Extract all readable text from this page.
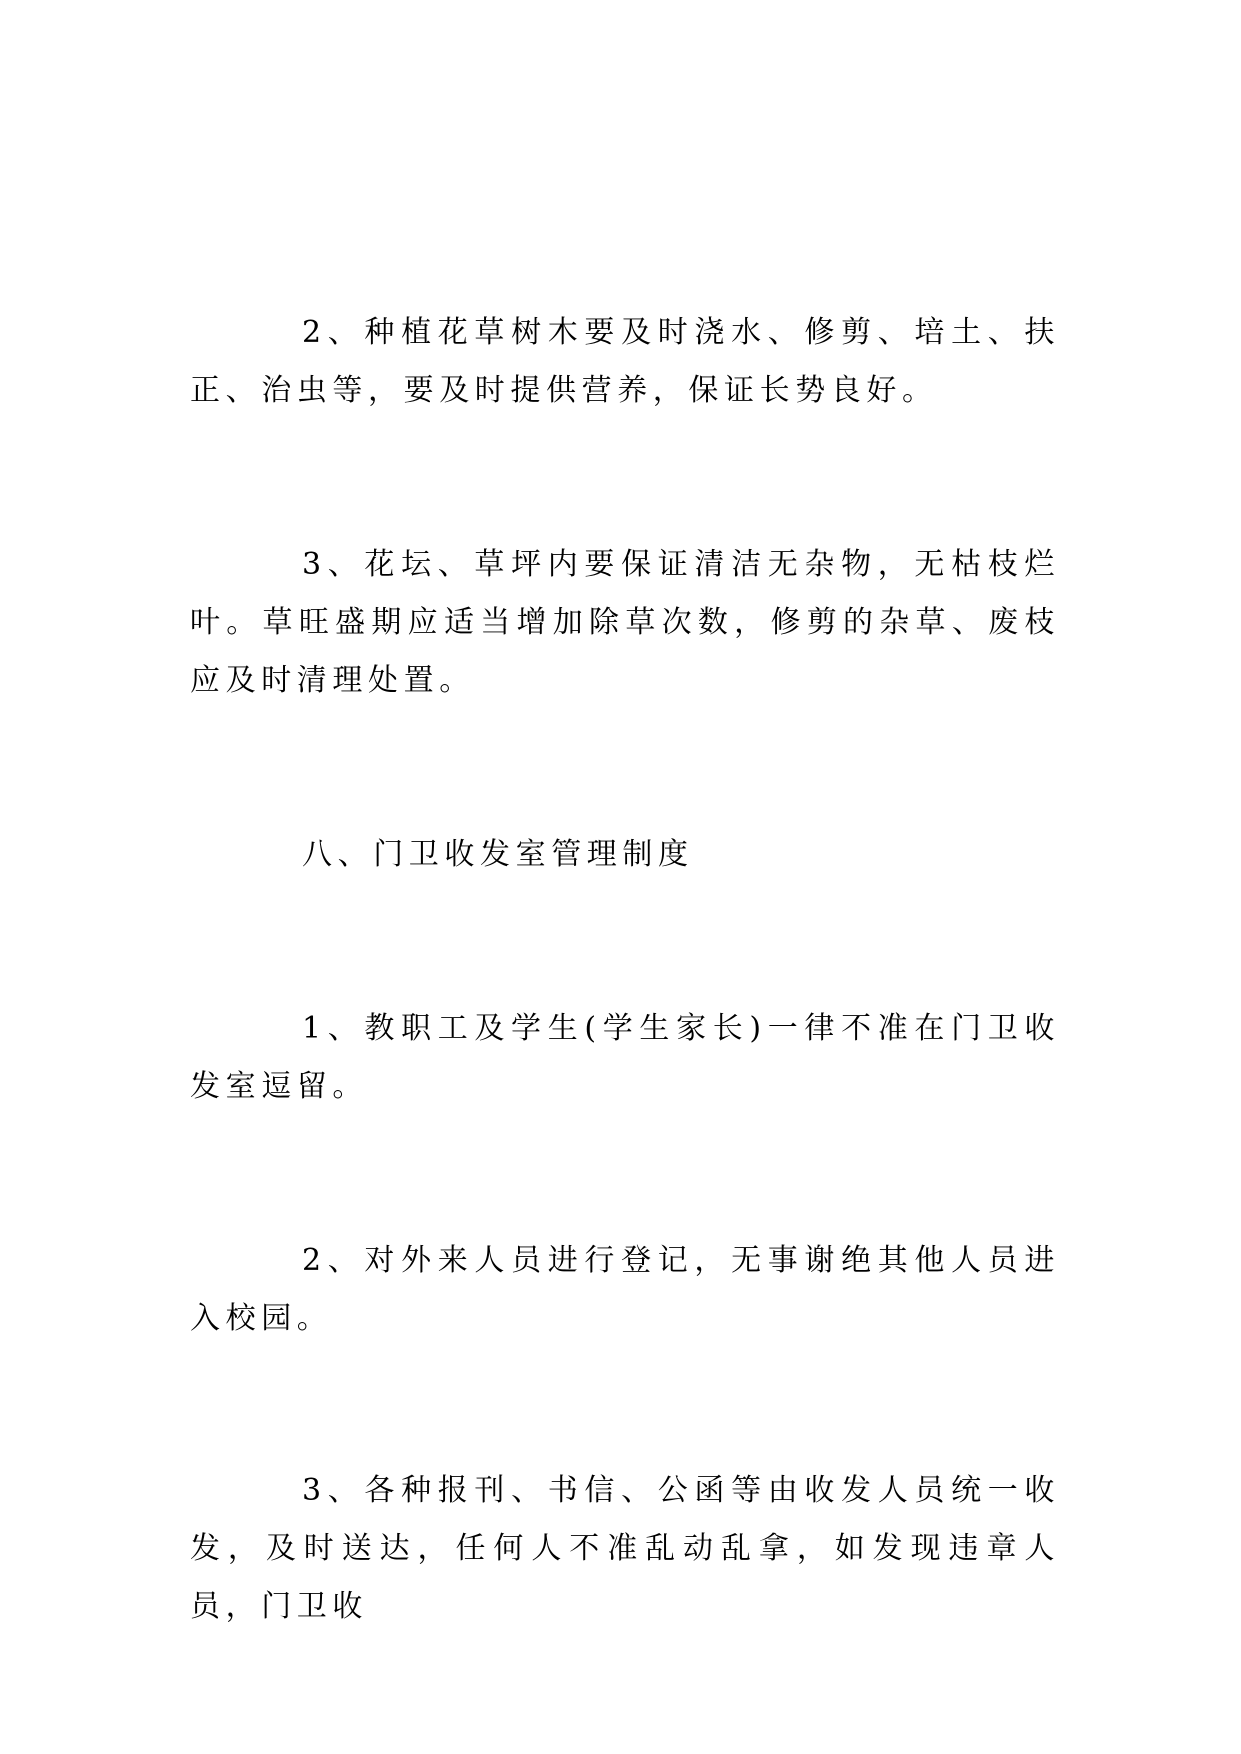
2、种植花草树木要及时浇水、修剪、培土、扶正、治虫等，要及时提供营养，保证长势良好。

3、花坛、草坪内要保证清洁无杂物，无枯枝烂叶。草旺盛期应适当增加除草次数，修剪的杂草、废枝应及时清理处置。

八、门卫收发室管理制度

1、教职工及学生(学生家长)一律不准在门卫收发室逗留。

2、对外来人员进行登记，无事谢绝其他人员进入校园。

3、各种报刊、书信、公函等由收发人员统一收发，及时送达，任何人不准乱动乱拿，如发现违章人员，门卫收
